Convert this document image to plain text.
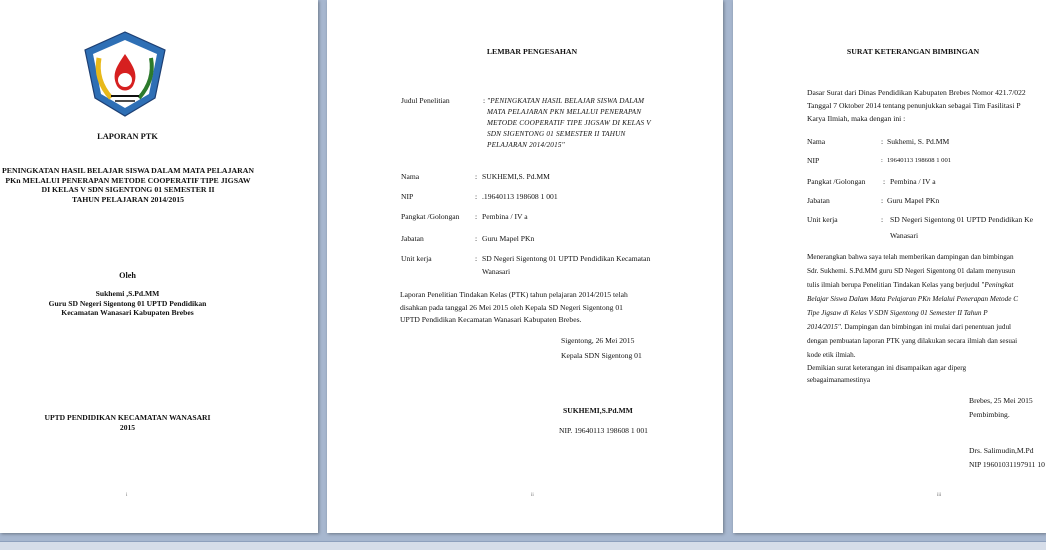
LAPORAN PTK
PENINGKATAN HASIL BELAJAR SISWA DALAM MATA PELAJARAN
PKn MELALUI PENERAPAN METODE COOPERATIF TIPE JIGSAW
DI KELAS V SDN SIGENTONG 01 SEMESTER II
TAHUN PELAJARAN 2014/2015
Oleh
Sukhemi ,S.Pd.MM
Guru SD Negeri Sigentong 01 UPTD Pendidikan
Kecamatan Wanasari Kabupaten Brebes
UPTD PENDIDIKAN KECAMATAN WANASARI
2015
i
LEMBAR PENGESAHAN
Judul Penelitian	: "PENINGKATAN HASIL BELAJAR SISWA DALAM
MATA PELAJARAN PKN MELALUI PENERAPAN
METODE COOPERATIF TIPE JIGSAW DI KELAS V
SDN SIGENTONG 01 SEMESTER II TAHUN
PELAJARAN 2014/2015"
Nama	: SUKHEMI,S. Pd.MM
NIP	: .19640113 198608 1 001
Pangkat /Golongan : Pembina / IV a
Jabatan	: Guru Mapel PKn
Unit kerja	: SD Negeri Sigentong 01 UPTD Pendidikan Kecamatan
Wanasari
Laporan Penelitian Tindakan Kelas (PTK) tahun pelajaran 2014/2015 telah
disahkan pada tanggal 26 Mei 2015 oleh Kepala SD Negeri Sigentong 01
UPTD Pendidikan Kecamatan Wanasari Kabupaten Brebes.
Sigentong, 26 Mei 2015
Kepala SDN Sigentong 01
SUKHEMI,S.Pd.MM
NIP. 19640113 198608 1 001
ii
SURAT KETERANGAN BIMBINGAN
Dasar Surat dari Dinas Pendidikan Kabupaten Brebes Nomor 421.7/022
Tanggal 7 Oktober 2014 tentang penunjukkan sebagai Tim Fasilitasi P
Karya Ilmiah, maka dengan ini :
Nama	: Sukhemi, S. Pd.MM
NIP	: 19640113 198608 1 001
Pangkat /Golongan : Pembina / IV a
Jabatan	: Guru Mapel PKn
Unit kerja	: SD Negeri Sigentong 01 UPTD Pendidikan Ke
Wanasari
Menerangkan bahwa saya telah memberikan dampingan dan bimbingan
Sdr. Sukhemi. S.Pd.MM guru SD Negeri Sigentong 01 dalam menyusun
tulis ilmiah berupa Penelitian Tindakan Kelas yang berjudul "Peningkat
Belajar Siswa Dalam Mata Pelajaran PKn Melalui Penerapan Metode C
Tipe Jigsaw di Kelas V SDN Sigentong 01 Semester II Tahun P
2014/2015". Dampingan dan bimbingan ini mulai dari penentuan judul
dengan pembuatan laporan PTK yang dilakukan secara ilmiah dan sesuai
kode etik ilmiah.
Demikian surat keterangan ini disampaikan agar diperg
sebagaimanamestinya
Brebes, 25 Mei 2015
Pembimbing.
Drs. Salimudin,M.Pd
NIP 19601031197911 10
iii
